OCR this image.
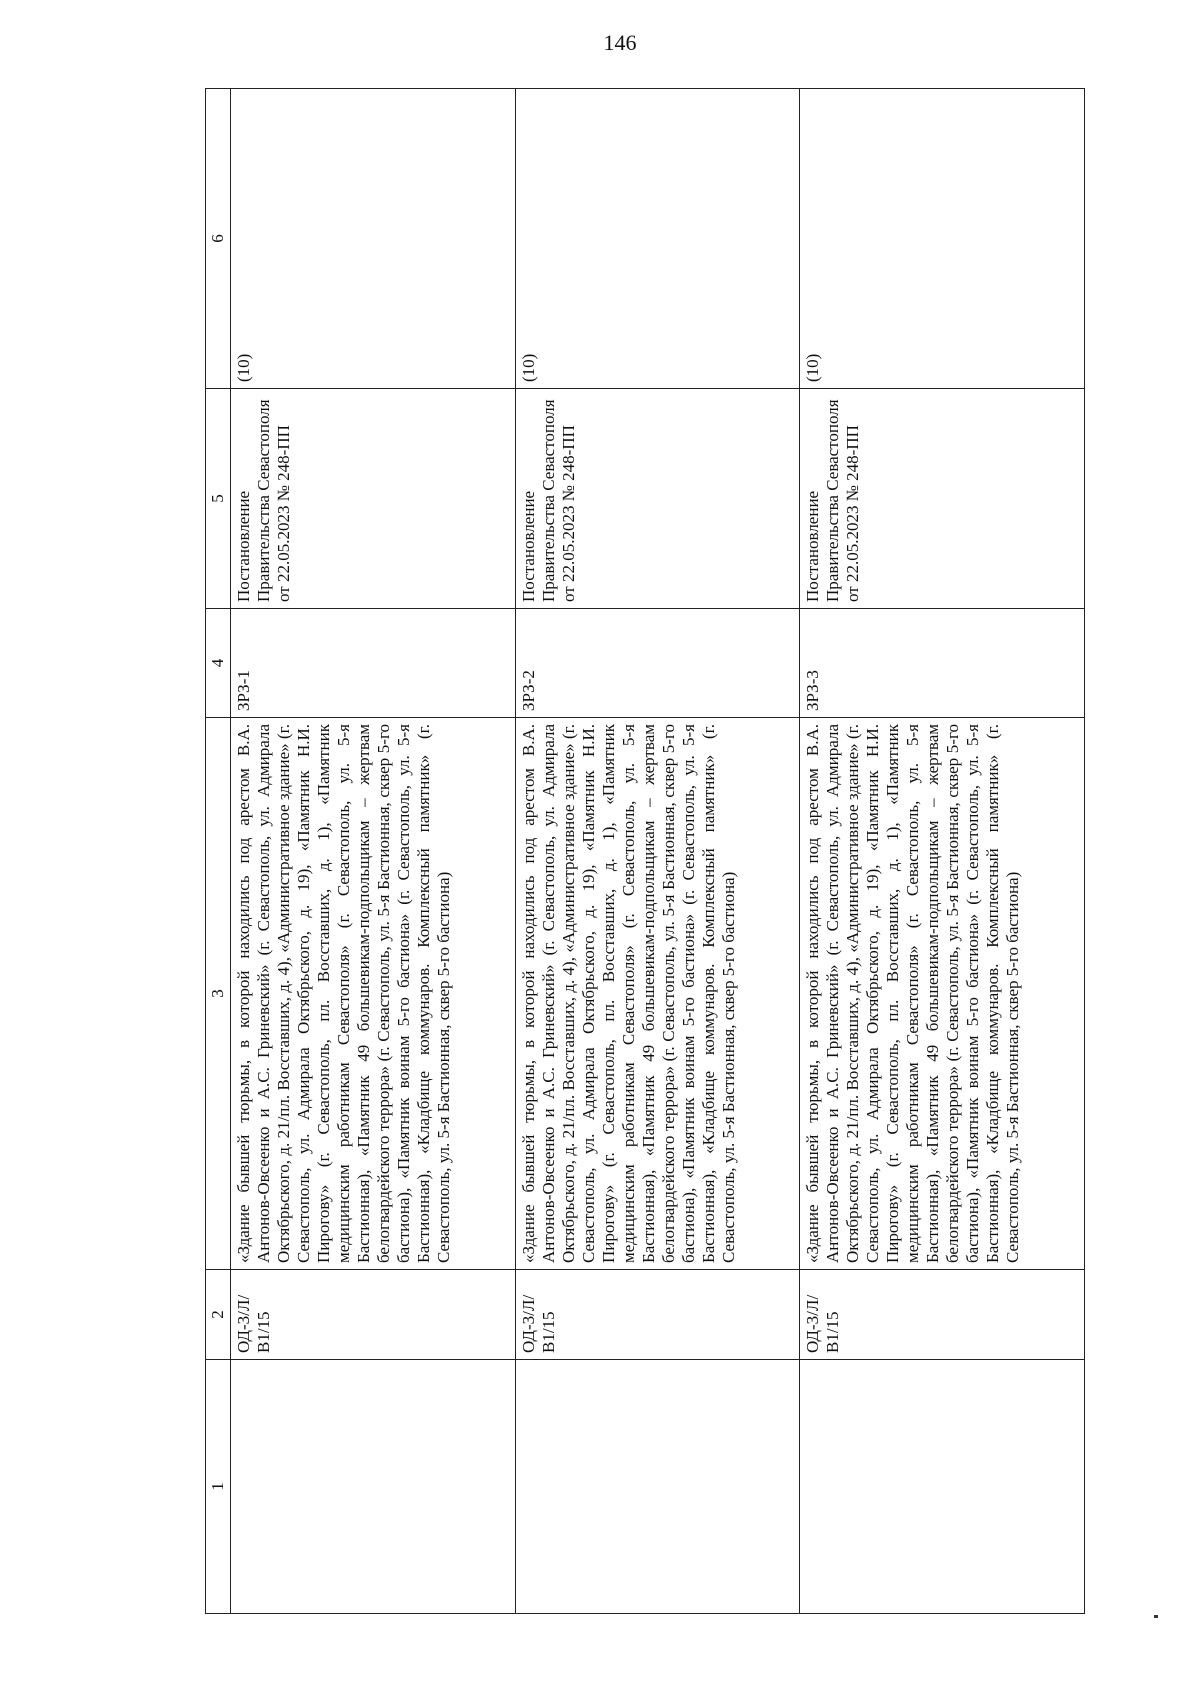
146
1	2	3	4	5	6
	ОД-3/Л/В1/15	«Здание бывшей тюрьмы, в которой находились под арестом В.А. Антонов-Овсеенко и А.С. Гриневский» (г. Севастополь, ул. Адмирала Октябрьского, д. 21/пл. Восставших, д. 4), «Административное здание» (г. Севастополь, ул. Адмирала Октябрьского, д. 19), «Памятник Н.И. Пирогову» (г. Севастополь, пл. Восставших, д. 1), «Памятник медицинским работникам Севастополя» (г. Севастополь, ул. 5-я Бастионная), «Памятник 49 большевикам-подпольщикам – жертвам белогвардейского террора» (г. Севастополь, ул. 5-я Бастионная, сквер 5-го бастиона), «Памятник воинам 5-го бастиона» (г. Севастополь, ул. 5-я Бастионная), «Кладбище коммунаров. Комплексный памятник» (г. Севастополь, ул. 5-я Бастионная, сквер 5-го бастиона)	ЗРЗ-1	Постановление Правительства Севастополя от 22.05.2023 № 248-ПП	(10)
	ОД-3/Л/В1/15	«Здание бывшей тюрьмы, в которой находились под арестом В.А. Антонов-Овсеенко и А.С. Гриневский» (г. Севастополь, ул. Адмирала Октябрьского, д. 21/пл. Восставших, д. 4), «Административное здание» (г. Севастополь, ул. Адмирала Октябрьского, д. 19), «Памятник Н.И. Пирогову» (г. Севастополь, пл. Восставших, д. 1), «Памятник медицинским работникам Севастополя» (г. Севастополь, ул. 5-я Бастионная), «Памятник 49 большевикам-подпольщикам – жертвам белогвардейского террора» (г. Севастополь, ул. 5-я Бастионная, сквер 5-го бастиона), «Памятник воинам 5-го бастиона» (г. Севастополь, ул. 5-я Бастионная), «Кладбище коммунаров. Комплексный памятник» (г. Севастополь, ул. 5-я Бастионная, сквер 5-го бастиона)	ЗРЗ-2	Постановление Правительства Севастополя от 22.05.2023 № 248-ПП	(10)
	ОД-3/Л/В1/15	«Здание бывшей тюрьмы, в которой находились под арестом В.А. Антонов-Овсеенко и А.С. Гриневский» (г. Севастополь, ул. Адмирала Октябрьского, д. 21/пл. Восставших, д. 4), «Административное здание» (г. Севастополь, ул. Адмирала Октябрьского, д. 19), «Памятник Н.И. Пирогову» (г. Севастополь, пл. Восставших, д. 1), «Памятник медицинским работникам Севастополя» (г. Севастополь, ул. 5-я Бастионная), «Памятник 49 большевикам-подпольщикам – жертвам белогвардейского террора» (г. Севастополь, ул. 5-я Бастионная, сквер 5-го бастиона), «Памятник воинам 5-го бастиона» (г. Севастополь, ул. 5-я Бастионная), «Кладбище коммунаров. Комплексный памятник» (г. Севастополь, ул. 5-я Бастионная, сквер 5-го бастиона)	ЗРЗ-3	Постановление Правительства Севастополя от 22.05.2023 № 248-ПП	(10)
